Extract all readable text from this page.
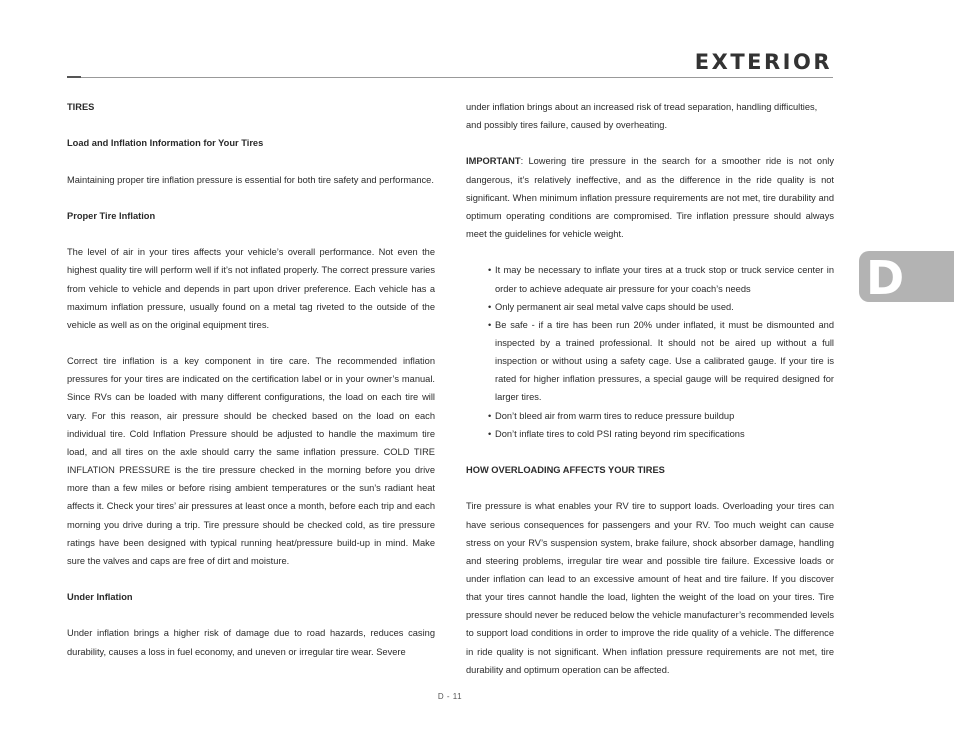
EXTERIOR
TIRES
Load and Inflation Information for Your Tires

Maintaining proper tire inflation pressure is essential for both tire safety and performance.

Proper Tire Inflation

The level of air in your tires affects your vehicle’s overall performance. Not even the highest quality tire will perform well if it’s not inflated properly. The correct pressure varies from vehicle to vehicle and depends in part upon driver preference. Each vehicle has a maximum inflation pressure, usually found on a metal tag riveted to the outside of the vehicle as well as on the original equipment tires.

Correct tire inflation is a key component in tire care. The recommended inflation pressures for your tires are indicated on the certification label or in your owner’s manual. Since RVs can be loaded with many different configurations, the load on each tire will vary. For this reason, air pressure should be checked based on the load on each individual tire. Cold Inflation Pressure should be adjusted to handle the maximum tire load, and all tires on the axle should carry the same inflation pressure. COLD TIRE INFLATION PRESSURE is the tire pressure checked in the morning before you drive more than a few miles or before rising ambient temperatures or the sun’s radiant heat affects it. Check your tires’ air pressures at least once a month, before each trip and each morning you drive during a trip. Tire pressure should be checked cold, as tire pressure ratings have been designed with typical running heat/pressure build-up in mind. Make sure the valves and caps are free of dirt and moisture.

Under Inflation

Under inflation brings a higher risk of damage due to road hazards, reduces casing durability, causes a loss in fuel economy, and uneven or irregular tire wear. Severe

under inflation brings about an increased risk of tread separation, handling difficulties, and possibly tires failure, caused by overheating.

IMPORTANT: Lowering tire pressure in the search for a smoother ride is not only dangerous, it’s relatively ineffective, and as the difference in the ride quality is not significant. When minimum inflation pressure requirements are not met, tire durability and optimum operating conditions are compromised. Tire inflation pressure should always meet the guidelines for vehicle weight.

• It may be necessary to inflate your tires at a truck stop or truck service center in order to achieve adequate air pressure for your coach’s needs
• Only permanent air seal metal valve caps should be used.
• Be safe - if a tire has been run 20% under inflated, it must be dismounted and inspected by a trained professional. It should not be aired up without a full inspection or without using a safety cage. Use a calibrated gauge. If your tire is rated for higher inflation pressures, a special gauge will be required designed for larger tires.
• Don’t bleed air from warm tires to reduce pressure buildup
• Don’t inflate tires to cold PSI rating beyond rim specifications
HOW OVERLOADING AFFECTS YOUR TIRES

Tire pressure is what enables your RV tire to support loads. Overloading your tires can have serious consequences for passengers and your RV. Too much weight can cause stress on your RV’s suspension system, brake failure, shock absorber damage, handling and steering problems, irregular tire wear and possible tire failure. Excessive loads or under inflation can lead to an excessive amount of heat and tire failure. If you discover that your tires cannot handle the load, lighten the weight of the load on your tires. Tire pressure should never be reduced below the vehicle manufacturer’s recommended levels to support load conditions in order to improve the ride quality of a vehicle. The difference in ride quality is not significant. When inflation pressure requirements are not met, tire durability and optimum operation can be affected.

D
D - 11
